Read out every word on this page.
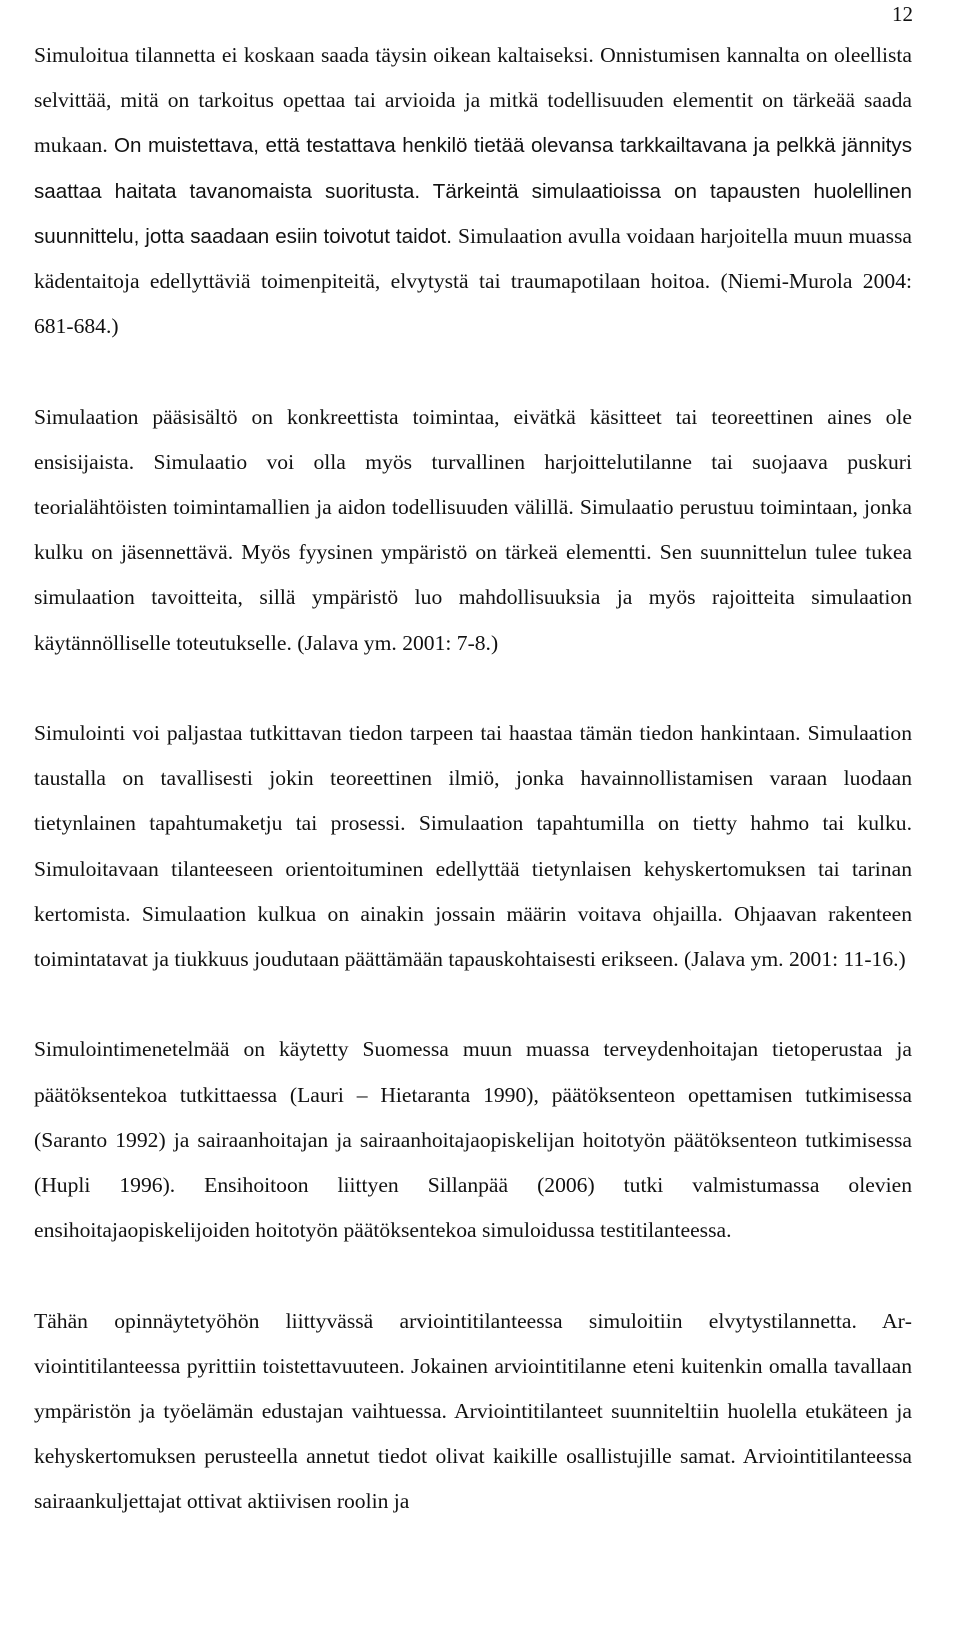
12

Simuloitua tilannetta ei koskaan saada täysin oikean kaltaiseksi. Onnistumisen kannalta on oleellista selvittää, mitä on tarkoitus opettaa tai arvioida ja mitkä todellisuuden elementit on tärkeää saada mukaan. On muistettava, että testattava henkilö tietää olevansa tarkkailtavana ja pelkkä jännitys saattaa haitata tavanomaista suoritusta. Tärkeintä simulaatioissa on tapausten huolellinen suunnittelu, jotta saadaan esiin toivotut taidot. Simulaation avulla voidaan harjoitella muun muassa kädentaitoja edellyttäviä toimenpiteitä, elvytystä tai traumapotilaan hoitoa. (Niemi-Murola 2004: 681-684.)

Simulaation pääsisältö on konkreettista toimintaa, eivätkä käsitteet tai teoreettinen aines ole ensisijaista. Simulaatio voi olla myös turvallinen harjoittelutilanne tai suojaava puskuri teorialähtöisten toimintamallien ja aidon todellisuuden välillä. Simulaatio perustuu toimintaan, jonka kulku on jäsennettävä. Myös fyysinen ympäristö on tärkeä elementti. Sen suunnittelun tulee tukea simulaation tavoitteita, sillä ympäristö luo mahdollisuuksia ja myös rajoitteita simulaation käytännölliselle toteutukselle. (Jalava ym. 2001: 7-8.)

Simulointi voi paljastaa tutkittavan tiedon tarpeen tai haastaa tämän tiedon hankintaan. Simulaation taustalla on tavallisesti jokin teoreettinen ilmiö, jonka havainnollistamisen varaan luodaan tietynlainen tapahtumaketju tai prosessi. Simulaation tapahtumilla on tietty hahmo tai kulku. Simuloitavaan tilanteeseen orientoituminen edellyttää tietynlaisen kehyskertomuksen tai tarinan kertomista. Simulaation kulkua on ainakin jossain määrin voitava ohjailla. Ohjaavan rakenteen toimintatavat ja tiukkuus joudutaan päättämään tapauskohtaisesti erikseen. (Jalava ym. 2001: 11-16.)

Simulointimenetelmää on käytetty Suomessa muun muassa terveydenhoitajan tietoperustaa ja päätöksentekoa tutkittaessa (Lauri – Hietaranta 1990), päätöksenteon opettamisen tutkimisessa (Saranto 1992) ja sairaanhoitajan ja sairaanhoitajaopiskelijan hoitotyön päätöksenteon tutkimisessa (Hupli 1996). Ensihoitoon liittyen Sillanpää (2006) tutki valmistumassa olevien ensihoitajaopiskelijoiden hoitotyön päätöksentekoa simuloidussa testitilanteessa.

Tähän opinnäytetyöhön liittyvässä arviointitilanteessa simuloitiin elvytystilannetta. Arviointitilanteessa pyrittiin toistettavuuteen. Jokainen arviointitilanne eteni kuitenkin omalla tavallaan ympäristön ja työelämän edustajan vaihtuessa. Arviointitilanteet suunniteltiin huolella etukäteen ja kehyskertomuksen perusteella annetut tiedot olivat kaikille osallistujille samat. Arviointitilanteessa sairaankuljettajat ottivat aktiivisen roolin ja
